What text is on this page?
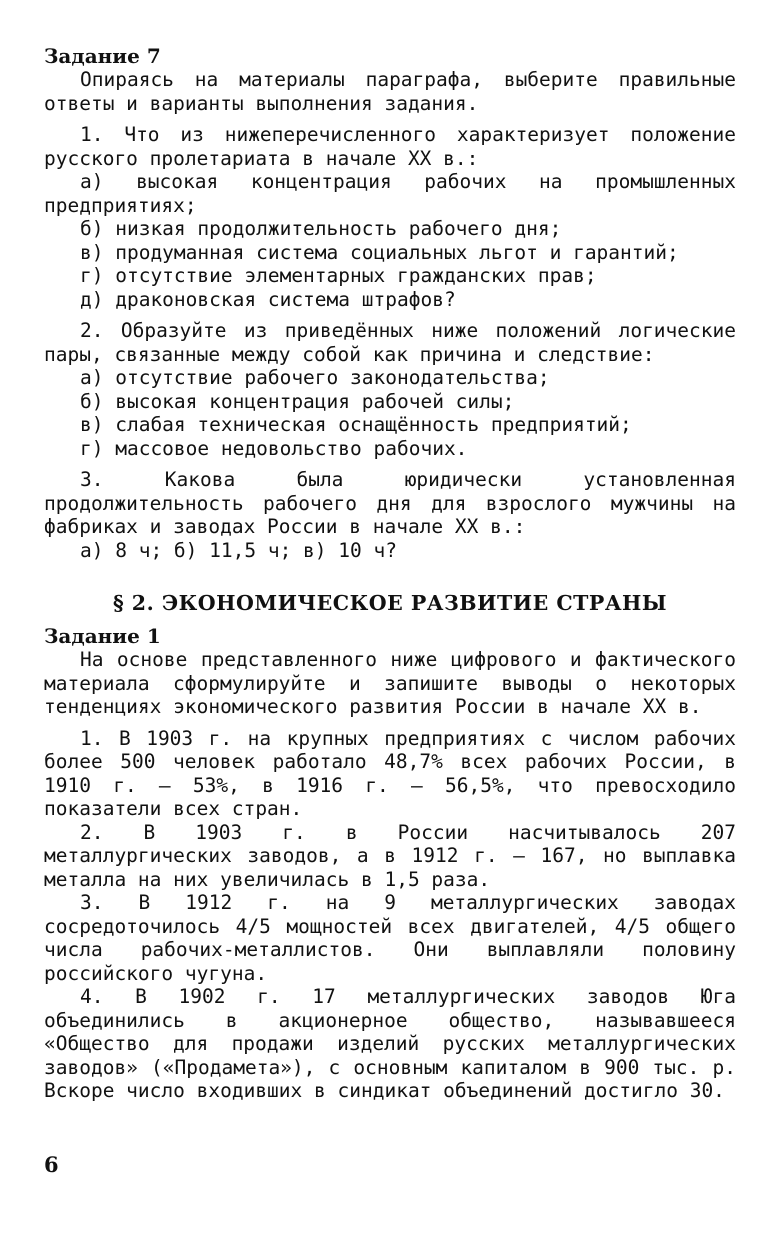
Задание 7

Опираясь на материалы параграфа, выберите правильные ответы и варианты выполнения задания.

1. Что из нижеперечисленного характеризует положение русского пролетариата в начале XX в.:

а) высокая концентрация рабочих на промышленных предприятиях;

б) низкая продолжительность рабочего дня;

в) продуманная система социальных льгот и гарантий;

г) отсутствие элементарных гражданских прав;

д) драконовская система штрафов?

2. Образуйте из приведённых ниже положений логические пары, связанные между собой как причина и следствие:

а) отсутствие рабочего законодательства;

б) высокая концентрация рабочей силы;

в) слабая техническая оснащённость предприятий;

г) массовое недовольство рабочих.

3. Какова была юридически установленная продолжительность рабочего дня для взрослого мужчины на фабриках и заводах России в начале XX в.:

а) 8 ч; б) 11,5 ч; в) 10 ч?

§ 2. ЭКОНОМИЧЕСКОЕ РАЗВИТИЕ СТРАНЫ

Задание 1

На основе представленного ниже цифрового и фактического материала сформулируйте и запишите выводы о некоторых тенденциях экономического развития России в начале XX в.

1. В 1903 г. на крупных предприятиях с числом рабочих более 500 человек работало 48,7% всех рабочих России, в 1910 г. — 53%, в 1916 г. — 56,5%, что превосходило показатели всех стран.

2. В 1903 г. в России насчитывалось 207 металлургических заводов, а в 1912 г. — 167, но выплавка металла на них увеличилась в 1,5 раза.

3. В 1912 г. на 9 металлургических заводах сосредоточилось 4/5 мощностей всех двигателей, 4/5 общего числа рабочих-металлистов. Они выплавляли половину российского чугуна.

4. В 1902 г. 17 металлургических заводов Юга объединились в акционерное общество, называвшееся «Общество для продажи изделий русских металлургических заводов» («Продамета»), с основным капиталом в 900 тыс. р. Вскоре число входивших в синдикат объединений достигло 30.

6
